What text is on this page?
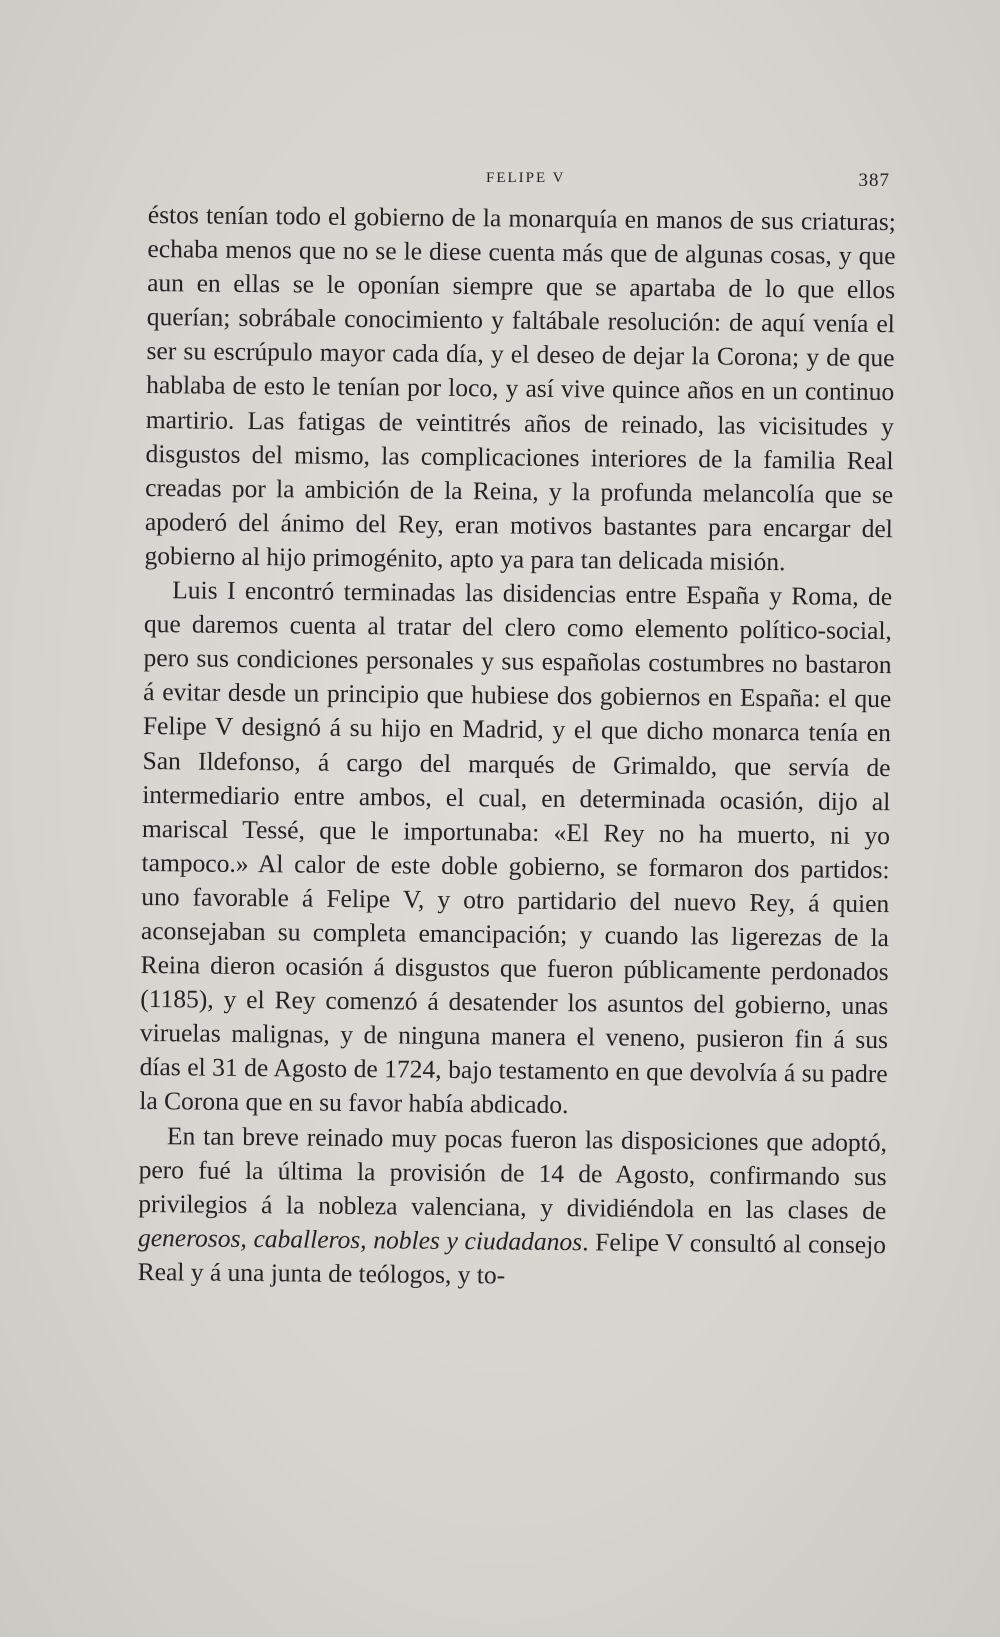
FELIPE V	387

éstos tenían todo el gobierno de la monarquía en manos de sus criaturas; echaba menos que no se le diese cuenta más que de algunas cosas, y que aun en ellas se le oponían siempre que se apartaba de lo que ellos querían; sobrábale conocimiento y faltábale resolución: de aquí venía el ser su escrúpulo mayor cada día, y el deseo de dejar la Corona; y de que hablaba de esto le tenían por loco, y así vive quince años en un continuo martirio. Las fatigas de veintitrés años de reinado, las vicisitudes y disgustos del mismo, las complicaciones interiores de la familia Real creadas por la ambición de la Reina, y la profunda melancolía que se apoderó del ánimo del Rey, eran motivos bastantes para encargar del gobierno al hijo primogénito, apto ya para tan delicada misión.

Luis I encontró terminadas las disidencias entre España y Roma, de que daremos cuenta al tratar del clero como elemento político-social, pero sus condiciones personales y sus españolas costumbres no bastaron á evitar desde un principio que hubiese dos gobiernos en España: el que Felipe V designó á su hijo en Madrid, y el que dicho monarca tenía en San Ildefonso, á cargo del marqués de Grimaldo, que servía de intermediario entre ambos, el cual, en determinada ocasión, dijo al mariscal Tessé, que le importunaba: «El Rey no ha muerto, ni yo tampoco.» Al calor de este doble gobierno, se formaron dos partidos: uno favorable á Felipe V, y otro partidario del nuevo Rey, á quien aconsejaban su completa emancipación; y cuando las ligerezas de la Reina dieron ocasión á disgustos que fueron públicamente perdonados (1185), y el Rey comenzó á desatender los asuntos del gobierno, unas viruelas malignas, y de ninguna manera el veneno, pusieron fin á sus días el 31 de Agosto de 1724, bajo testamento en que devolvía á su padre la Corona que en su favor había abdicado.

En tan breve reinado muy pocas fueron las disposiciones que adoptó, pero fué la última la provisión de 14 de Agosto, confirmando sus privilegios á la nobleza valenciana, y dividiéndola en las clases de generosos, caballeros, nobles y ciudadanos. Felipe V consultó al consejo Real y á una junta de teólogos, y to-
